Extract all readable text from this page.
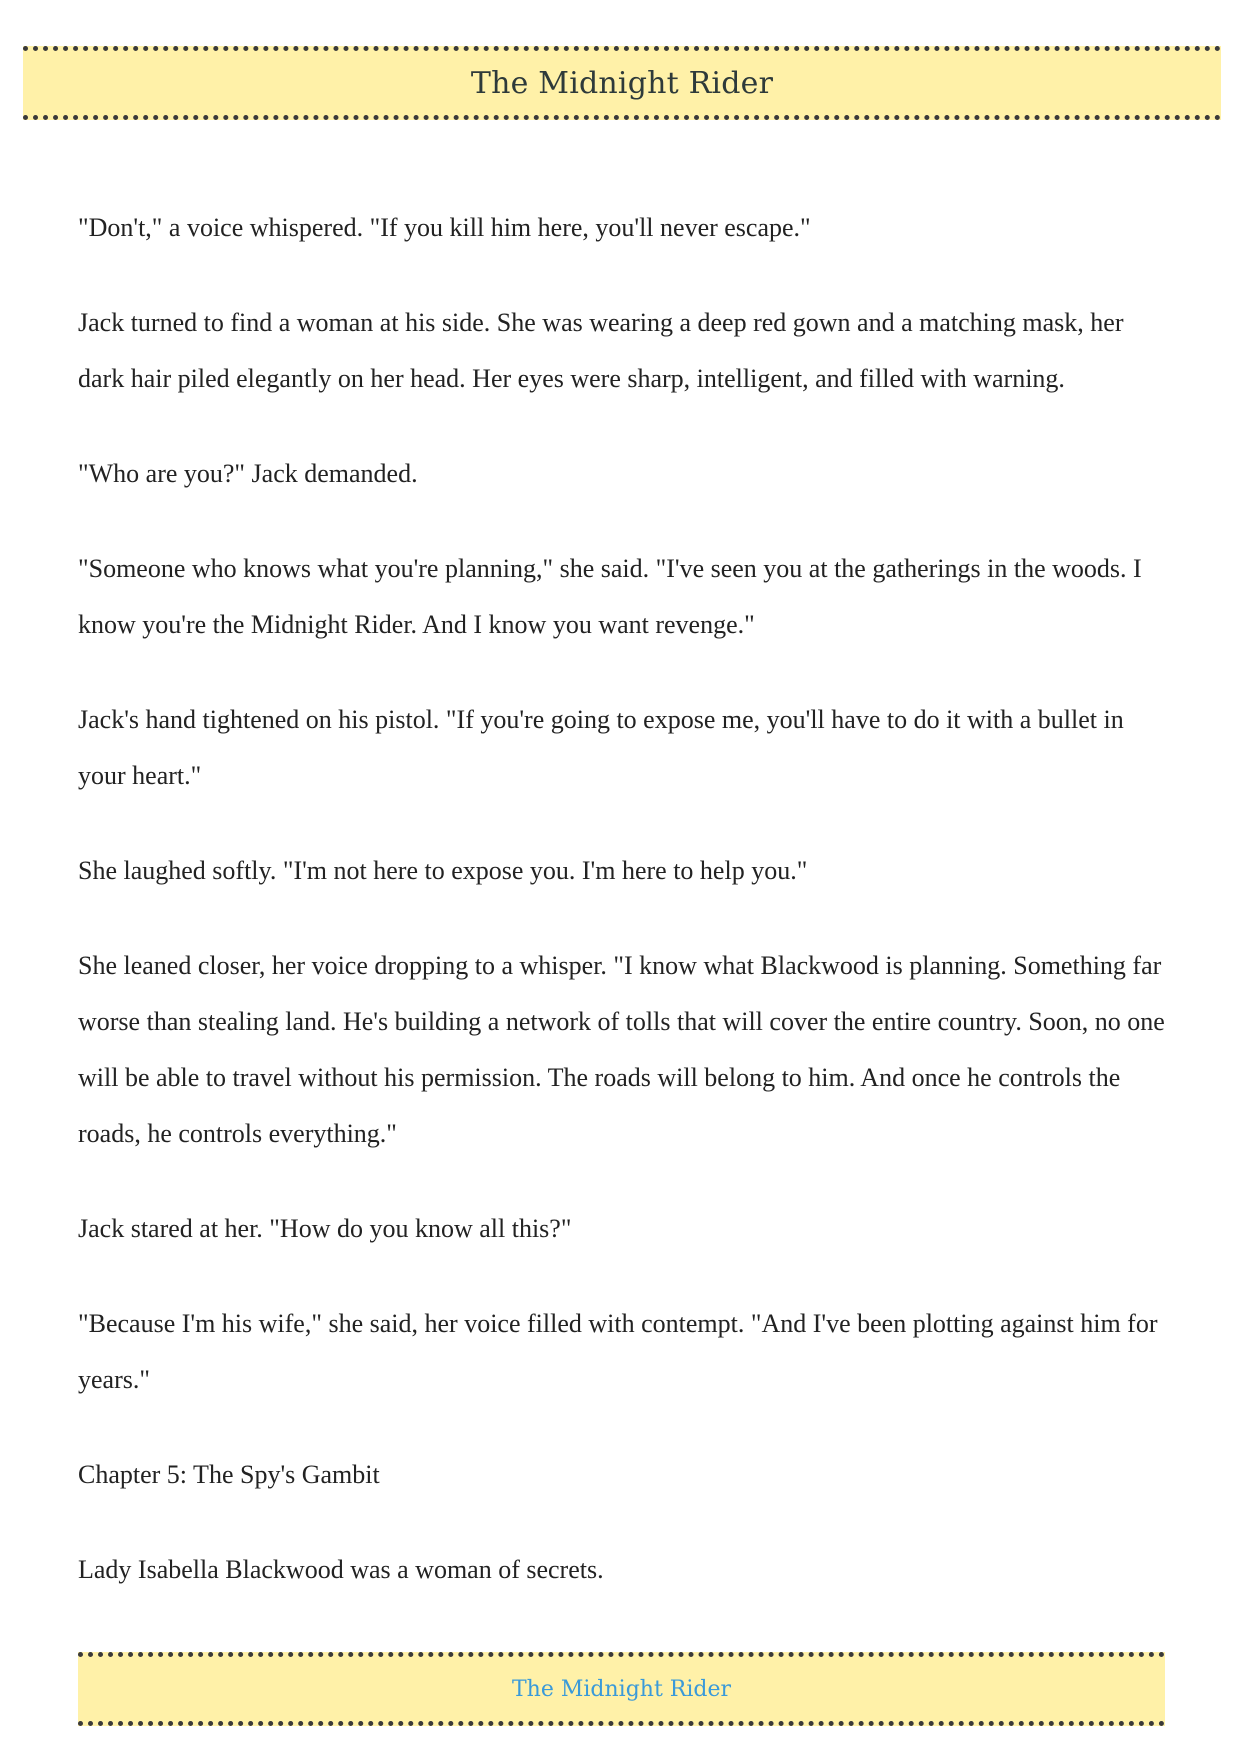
The Midnight Rider

"Don't," a voice whispered. "If you kill him here, you'll never escape."

Jack turned to find a woman at his side. She was wearing a deep red gown and a matching mask, her dark hair piled elegantly on her head. Her eyes were sharp, intelligent, and filled with warning.

"Who are you?" Jack demanded.

"Someone who knows what you're planning," she said. "I've seen you at the gatherings in the woods. I know you're the Midnight Rider. And I know you want revenge."

Jack's hand tightened on his pistol. "If you're going to expose me, you'll have to do it with a bullet in your heart."

She laughed softly. "I'm not here to expose you. I'm here to help you."

She leaned closer, her voice dropping to a whisper. "I know what Blackwood is planning. Something far worse than stealing land. He's building a network of tolls that will cover the entire country. Soon, no one will be able to travel without his permission. The roads will belong to him. And once he controls the roads, he controls everything."

Jack stared at her. "How do you know all this?"

"Because I'm his wife," she said, her voice filled with contempt. "And I've been plotting against him for years."

Chapter 5: The Spy's Gambit

Lady Isabella Blackwood was a woman of secrets.

The Midnight Rider
